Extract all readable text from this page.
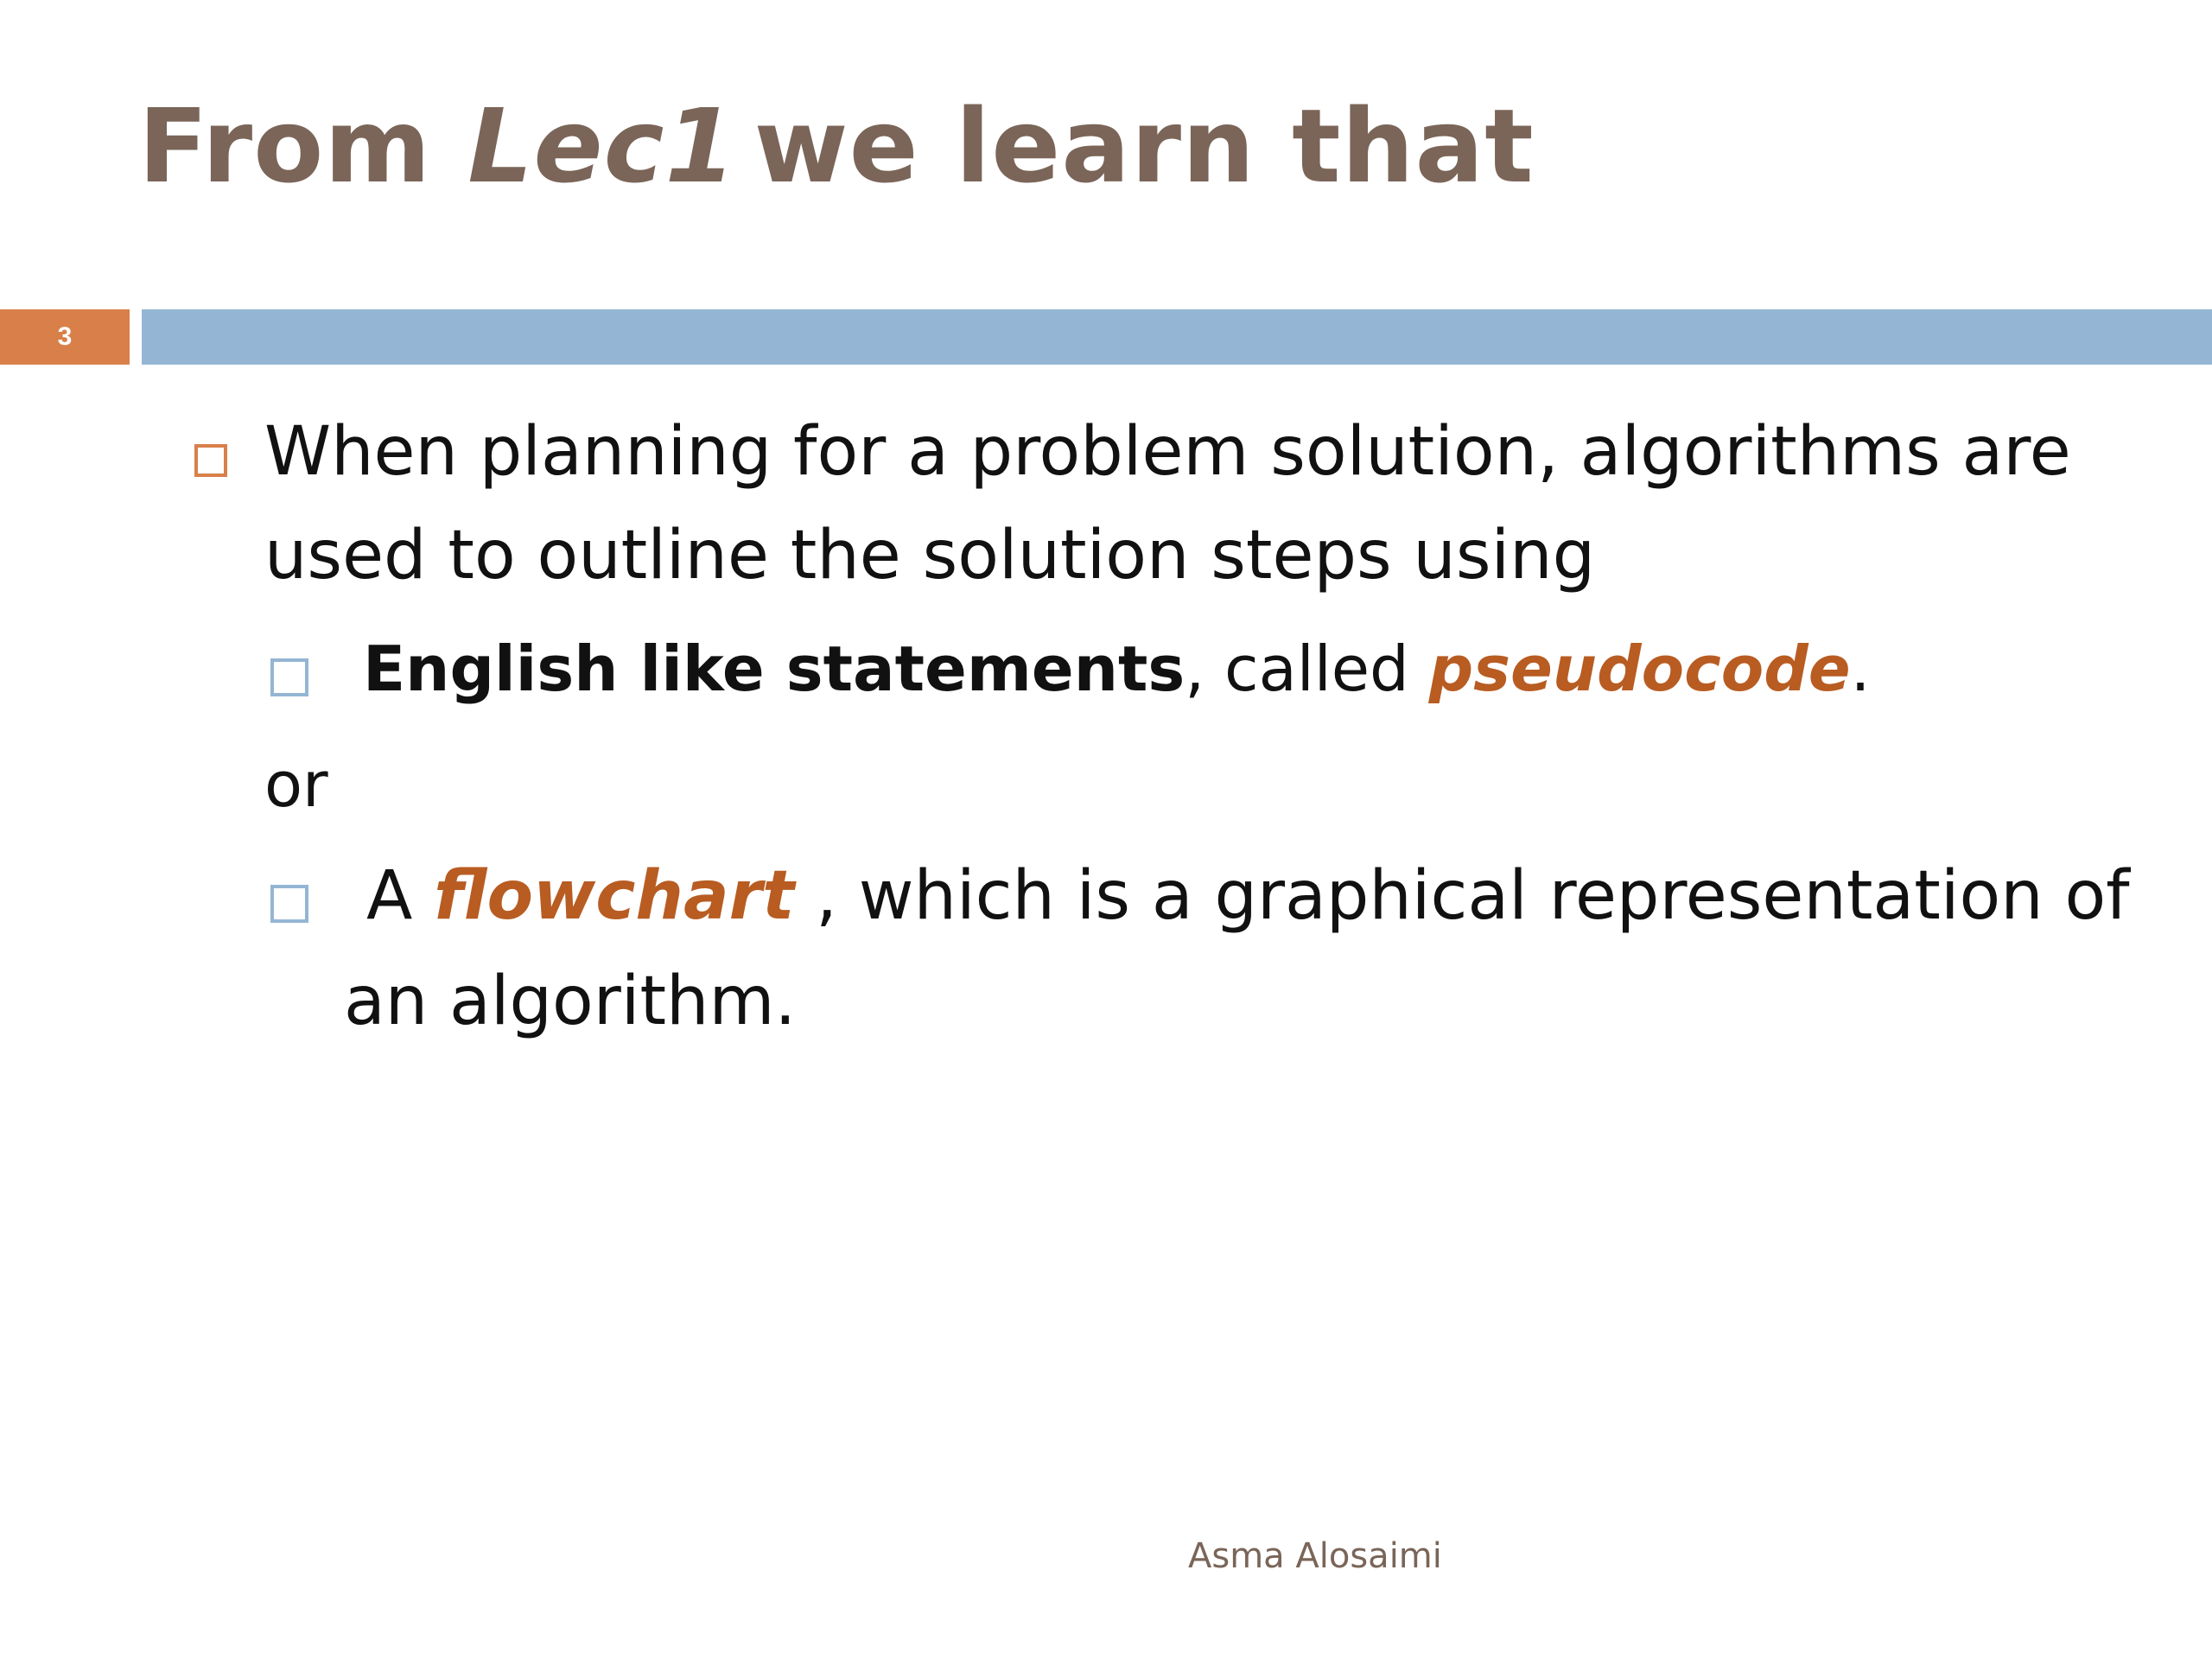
From Lec1 we learn that
3
When planning for a problem solution, algorithms are
used to outline the solution steps using
English like statements, called pseudocode.
or
A flowchart , which is a graphical representation of
an algorithm.
Asma Alosaimi
